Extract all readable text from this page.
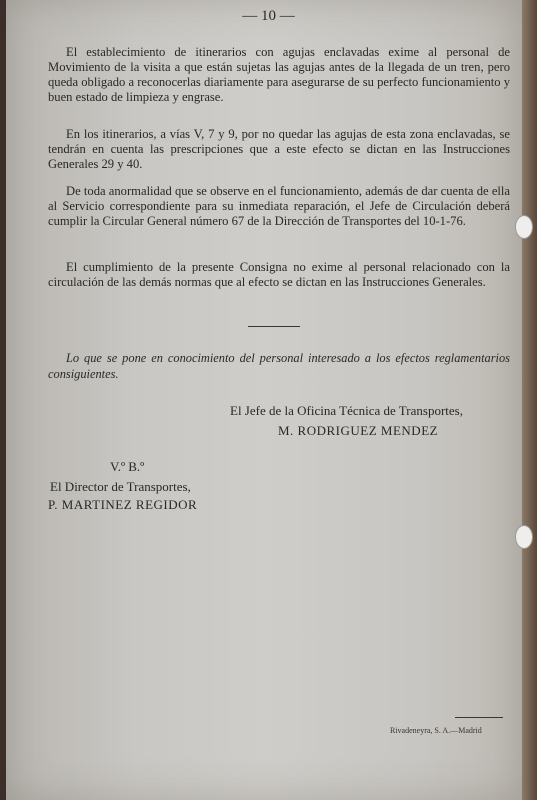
— 10 —

El establecimiento de itinerarios con agujas enclavadas exime al personal de Movimiento de la visita a que están sujetas las agujas antes de la llegada de un tren, pero queda obligado a reconocerlas diariamente para asegurarse de su perfecto funcionamiento y buen estado de limpieza y engrase.

En los itinerarios, a vías V, 7 y 9, por no quedar las agujas de esta zona enclavadas, se tendrán en cuenta las prescripciones que a este efecto se dictan en las Instrucciones Generales 29 y 40.

De toda anormalidad que se observe en el funcionamiento, además de dar cuenta de ella al Servicio correspondiente para su inmediata reparación, el Jefe de Circulación deberá cumplir la Circular General número 67 de la Dirección de Transportes del 10-1-76.

El cumplimiento de la presente Consigna no exime al personal relacionado con la circulación de las demás normas que al efecto se dictan en las Instrucciones Generales.

Lo que se pone en conocimiento del personal interesado a los efectos reglamentarios consiguientes.

El Jefe de la Oficina Técnica de Transportes,
M. RODRIGUEZ MENDEZ
V.º B.º
El Director de Transportes,
P. MARTINEZ REGIDOR
Rivadeneyra, S. A.—Madrid
